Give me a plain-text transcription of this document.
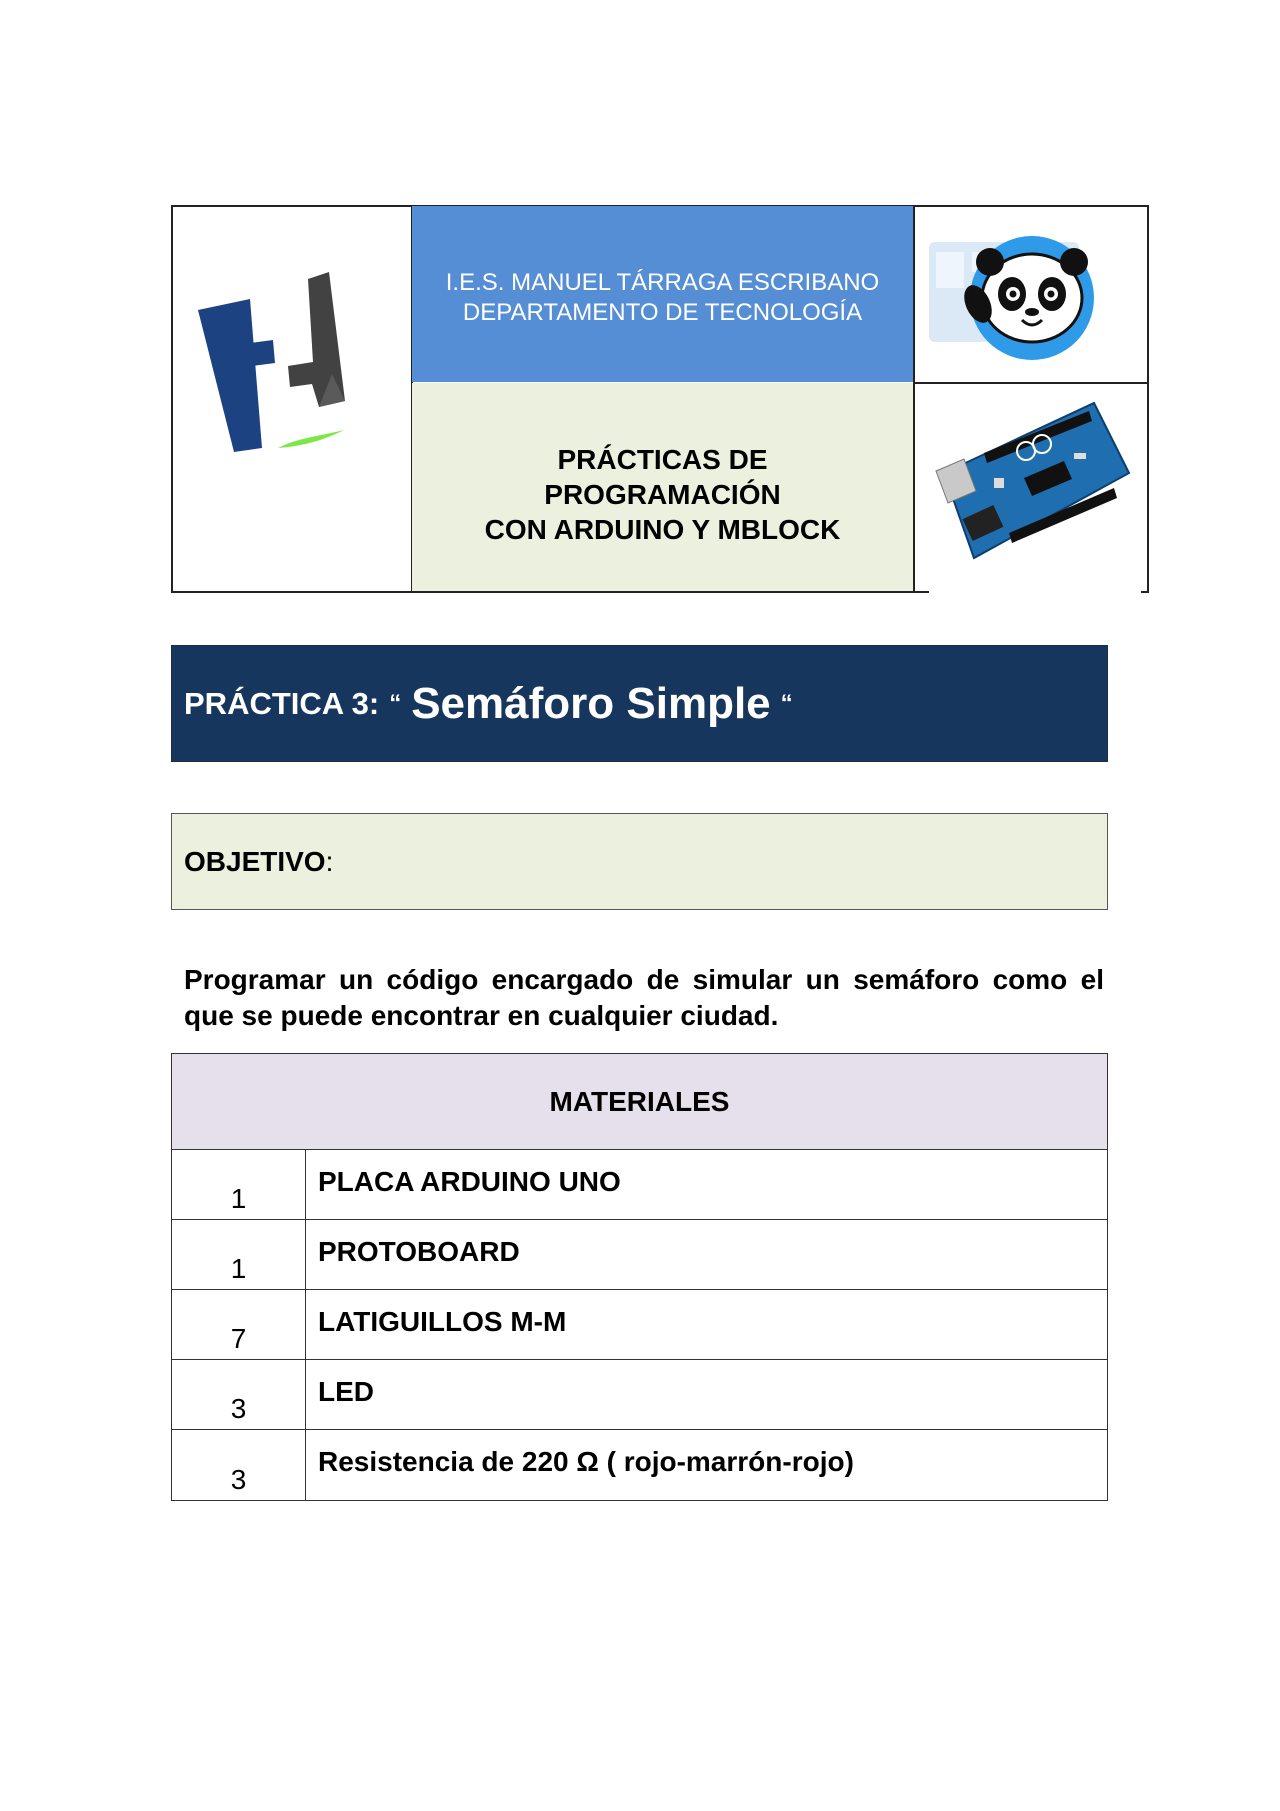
I.E.S. MANUEL TÁRRAGA ESCRIBANO
DEPARTAMENTO DE TECNOLOGÍA
PRÁCTICAS DE
PROGRAMACIÓN
CON ARDUINO Y MBLOCK
PRÁCTICA 3: “ Semáforo Simple “
OBJETIVO :
Programar un código encargado de simular un semáforo como el que se puede encontrar en cualquier ciudad.
MATERIALES
1
PLACA ARDUINO UNO
1
PROTOBOARD
7
LATIGUILLOS M-M
3
LED
3
Resistencia de 220 Ω ( rojo-marrón-rojo)
